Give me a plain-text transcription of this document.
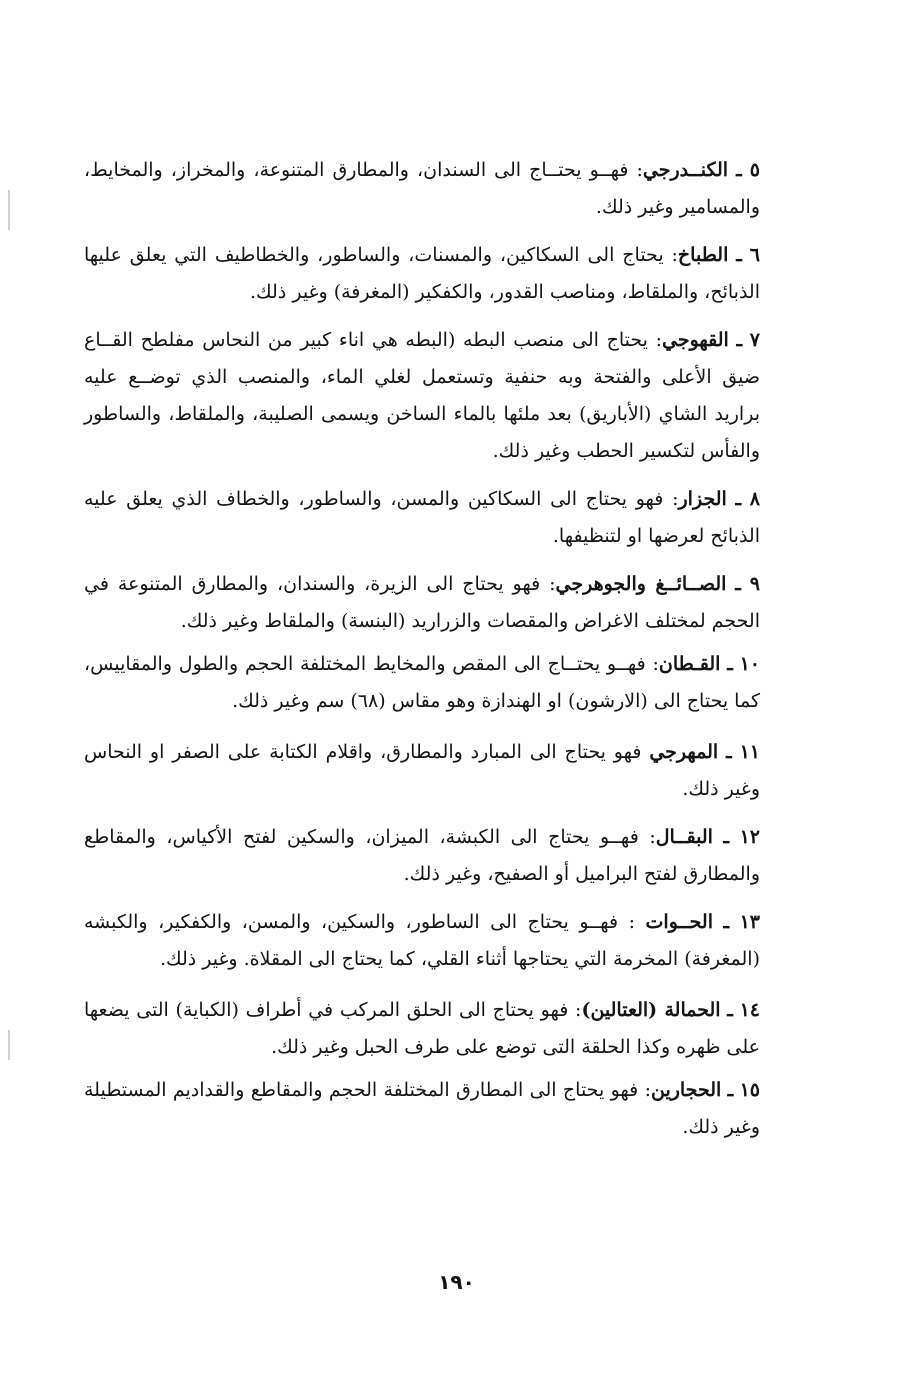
٥ ـ الكنــدرجي: فهــو يحتــاج الى السندان، والمطارق المتنوعة، والمخراز، والمخايط، والمسامير وغير ذلك.

٦ ـ الطباخ: يحتاج الى السكاكين، والمسنات، والساطور، والخطاطيف التي يعلق عليها الذبائح، والملقاط، ومناصب القدور، والكفكير (المغرفة) وغير ذلك.

٧ ـ القهوجي: يحتاج الى منصب البطه (البطه هي اناء كبير من النحاس مفلطح القــاع ضيق الأعلى والفتحة وبه حنفية وتستعمل لغلي الماء، والمنصب الذي توضــع عليه براريد الشاي (الأباريق) بعد ملئها بالماء الساخن ويسمى الصليبة، والملقاط، والساطور والفأس لتكسير الحطب وغير ذلك.

٨ ـ الجزار: فهو يحتاج الى السكاكين والمسن، والساطور، والخطاف الذي يعلق عليه الذبائح لعرضها او لتنظيفها.

٩ ـ الصــائــغ والجوهرجي: فهو يحتاج الى الزيرة، والسندان، والمطارق المتنوعة في الحجم لمختلف الاغراض والمقصات والزراريد (البنسة) والملقاط وغير ذلك.

١٠ ـ القـطان: فهــو يحتــاج الى المقص والمخايط المختلفة الحجم والطول والمقاييس، كما يحتاج الى (الارشون) او الهندازة وهو مقاس (٦٨) سم وغير ذلك.

١١ ـ المهرجي فهو يحتاج الى المبارد والمطارق، واقلام الكتابة على الصفر او النحاس وغير ذلك.

١٢ ـ البقــال: فهــو يحتاج الى الكبشة، الميزان، والسكين لفتح الأكياس، والمقاطع والمطارق لفتح البراميل أو الصفيح، وغير ذلك.

١٣ ـ الحــوات : فهــو يحتاج الى الساطور، والسكين، والمسن، والكفكير، والكبشه (المغرفة) المخرمة التي يحتاجها أثناء القلي، كما يحتاج الى المقلاة. وغير ذلك.

١٤ ـ الحمالة (العتالين): فهو يحتاج الى الحلق المركب في أطراف (الكباية) التى يضعها على ظهره وكذا الحلقة التى توضع على طرف الحبل وغير ذلك.

١٥ ـ الحجارين: فهو يحتاج الى المطارق المختلفة الحجم والمقاطع والقداديم المستطيلة وغير ذلك.

١٩٠
